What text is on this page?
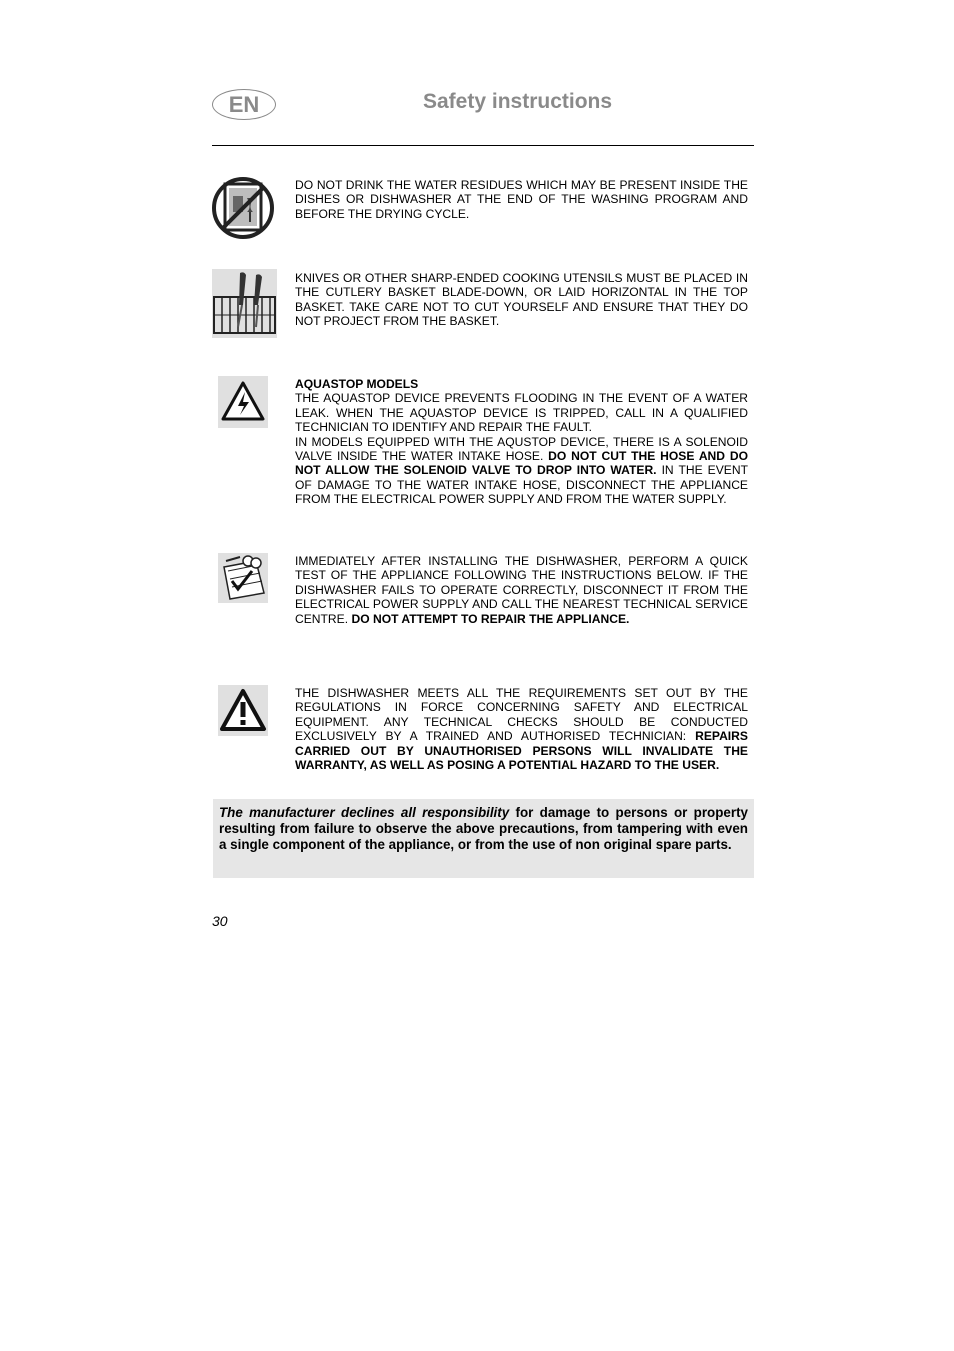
EN	Safety instructions
DO NOT DRINK THE WATER RESIDUES WHICH MAY BE PRESENT INSIDE THE DISHES OR DISHWASHER AT THE END OF THE WASHING PROGRAM AND BEFORE THE DRYING CYCLE.
KNIVES OR OTHER SHARP-ENDED COOKING UTENSILS MUST BE PLACED IN THE CUTLERY BASKET BLADE-DOWN, OR LAID HORIZONTAL IN THE TOP BASKET. TAKE CARE NOT TO CUT YOURSELF AND ENSURE THAT THEY DO NOT PROJECT FROM THE BASKET.
AQUASTOP MODELS
THE AQUASTOP DEVICE PREVENTS FLOODING IN THE EVENT OF A WATER LEAK. WHEN THE AQUASTOP DEVICE IS TRIPPED, CALL IN A QUALIFIED TECHNICIAN TO IDENTIFY AND REPAIR THE FAULT.
IN MODELS EQUIPPED WITH THE AQUSTOP DEVICE, THERE IS A SOLENOID VALVE INSIDE THE WATER INTAKE HOSE. DO NOT CUT THE HOSE AND DO NOT ALLOW THE SOLENOID VALVE TO DROP INTO WATER. IN THE EVENT OF DAMAGE TO THE WATER INTAKE HOSE, DISCONNECT THE APPLIANCE FROM THE ELECTRICAL POWER SUPPLY AND FROM THE WATER SUPPLY.
IMMEDIATELY AFTER INSTALLING THE DISHWASHER, PERFORM A QUICK TEST OF THE APPLIANCE FOLLOWING THE INSTRUCTIONS BELOW. IF THE DISHWASHER FAILS TO OPERATE CORRECTLY, DISCONNECT IT FROM THE ELECTRICAL POWER SUPPLY AND CALL THE NEAREST TECHNICAL SERVICE CENTRE. DO NOT ATTEMPT TO REPAIR THE APPLIANCE.
THE DISHWASHER MEETS ALL THE REQUIREMENTS SET OUT BY THE REGULATIONS IN FORCE CONCERNING SAFETY AND ELECTRICAL EQUIPMENT. ANY TECHNICAL CHECKS SHOULD BE CONDUCTED EXCLUSIVELY BY A TRAINED AND AUTHORISED TECHNICIAN: REPAIRS CARRIED OUT BY UNAUTHORISED PERSONS WILL INVALIDATE THE WARRANTY, AS WELL AS POSING A POTENTIAL HAZARD TO THE USER.
The manufacturer declines all responsibility for damage to persons or property resulting from failure to observe the above precautions, from tampering with even a single component of the appliance, or from the use of non original spare parts.
30
